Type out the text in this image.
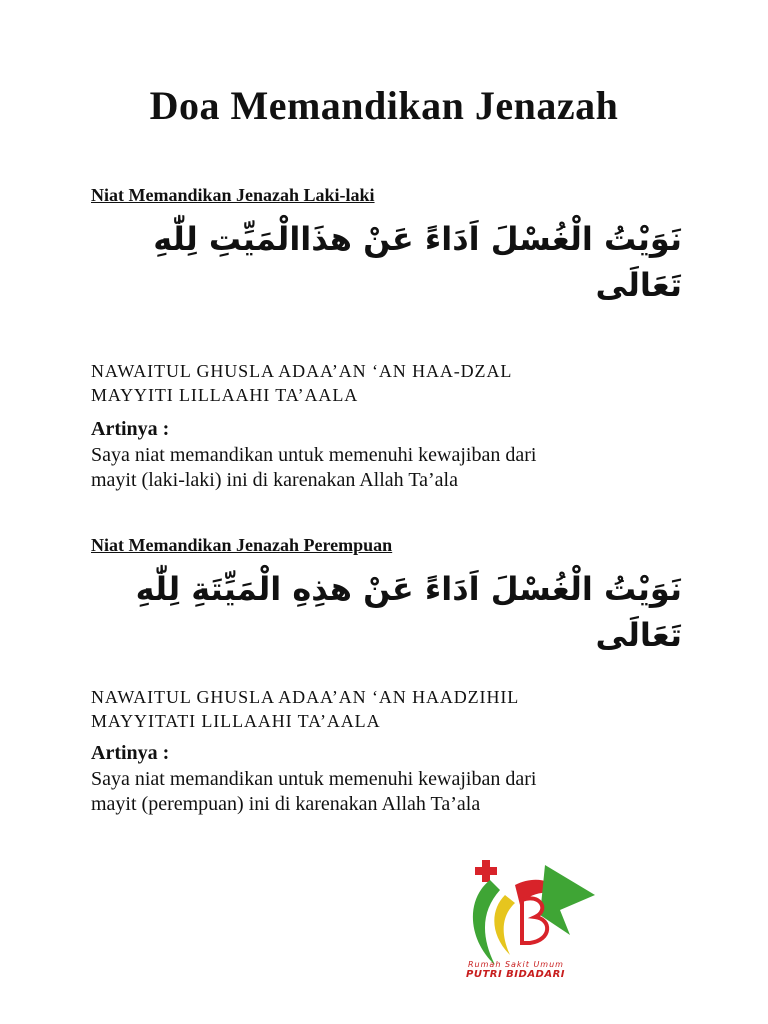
Doa Memandikan Jenazah
Niat Memandikan Jenazah Laki-laki
نَوَيْتُ الْغُسْلَ اَدَاءً عَنْ هذَاالْمَيِّتِ لِلّٰهِ تَعَالَى
NAWAITUL GHUSLA ADAA’AN ‘AN HAA-DZAL
MAYYITI LILLAAHI TA’AALA
Artinya :
Saya niat memandikan untuk memenuhi kewajiban dari
mayit (laki-laki) ini di karenakan Allah Ta’ala
Niat Memandikan Jenazah Perempuan
نَوَيْتُ الْغُسْلَ اَدَاءً عَنْ هذِهِ الْمَيِّتَةِ لِلّٰهِ تَعَالَى
NAWAITUL GHUSLA ADAA’AN ‘AN HAADZIHIL
MAYYITATI LILLAAHI TA’AALA
Artinya :
Saya niat memandikan untuk memenuhi kewajiban dari
mayit (perempuan) ini di karenakan Allah Ta’ala
Rumah Sakit Umum
PUTRI BIDADARI
